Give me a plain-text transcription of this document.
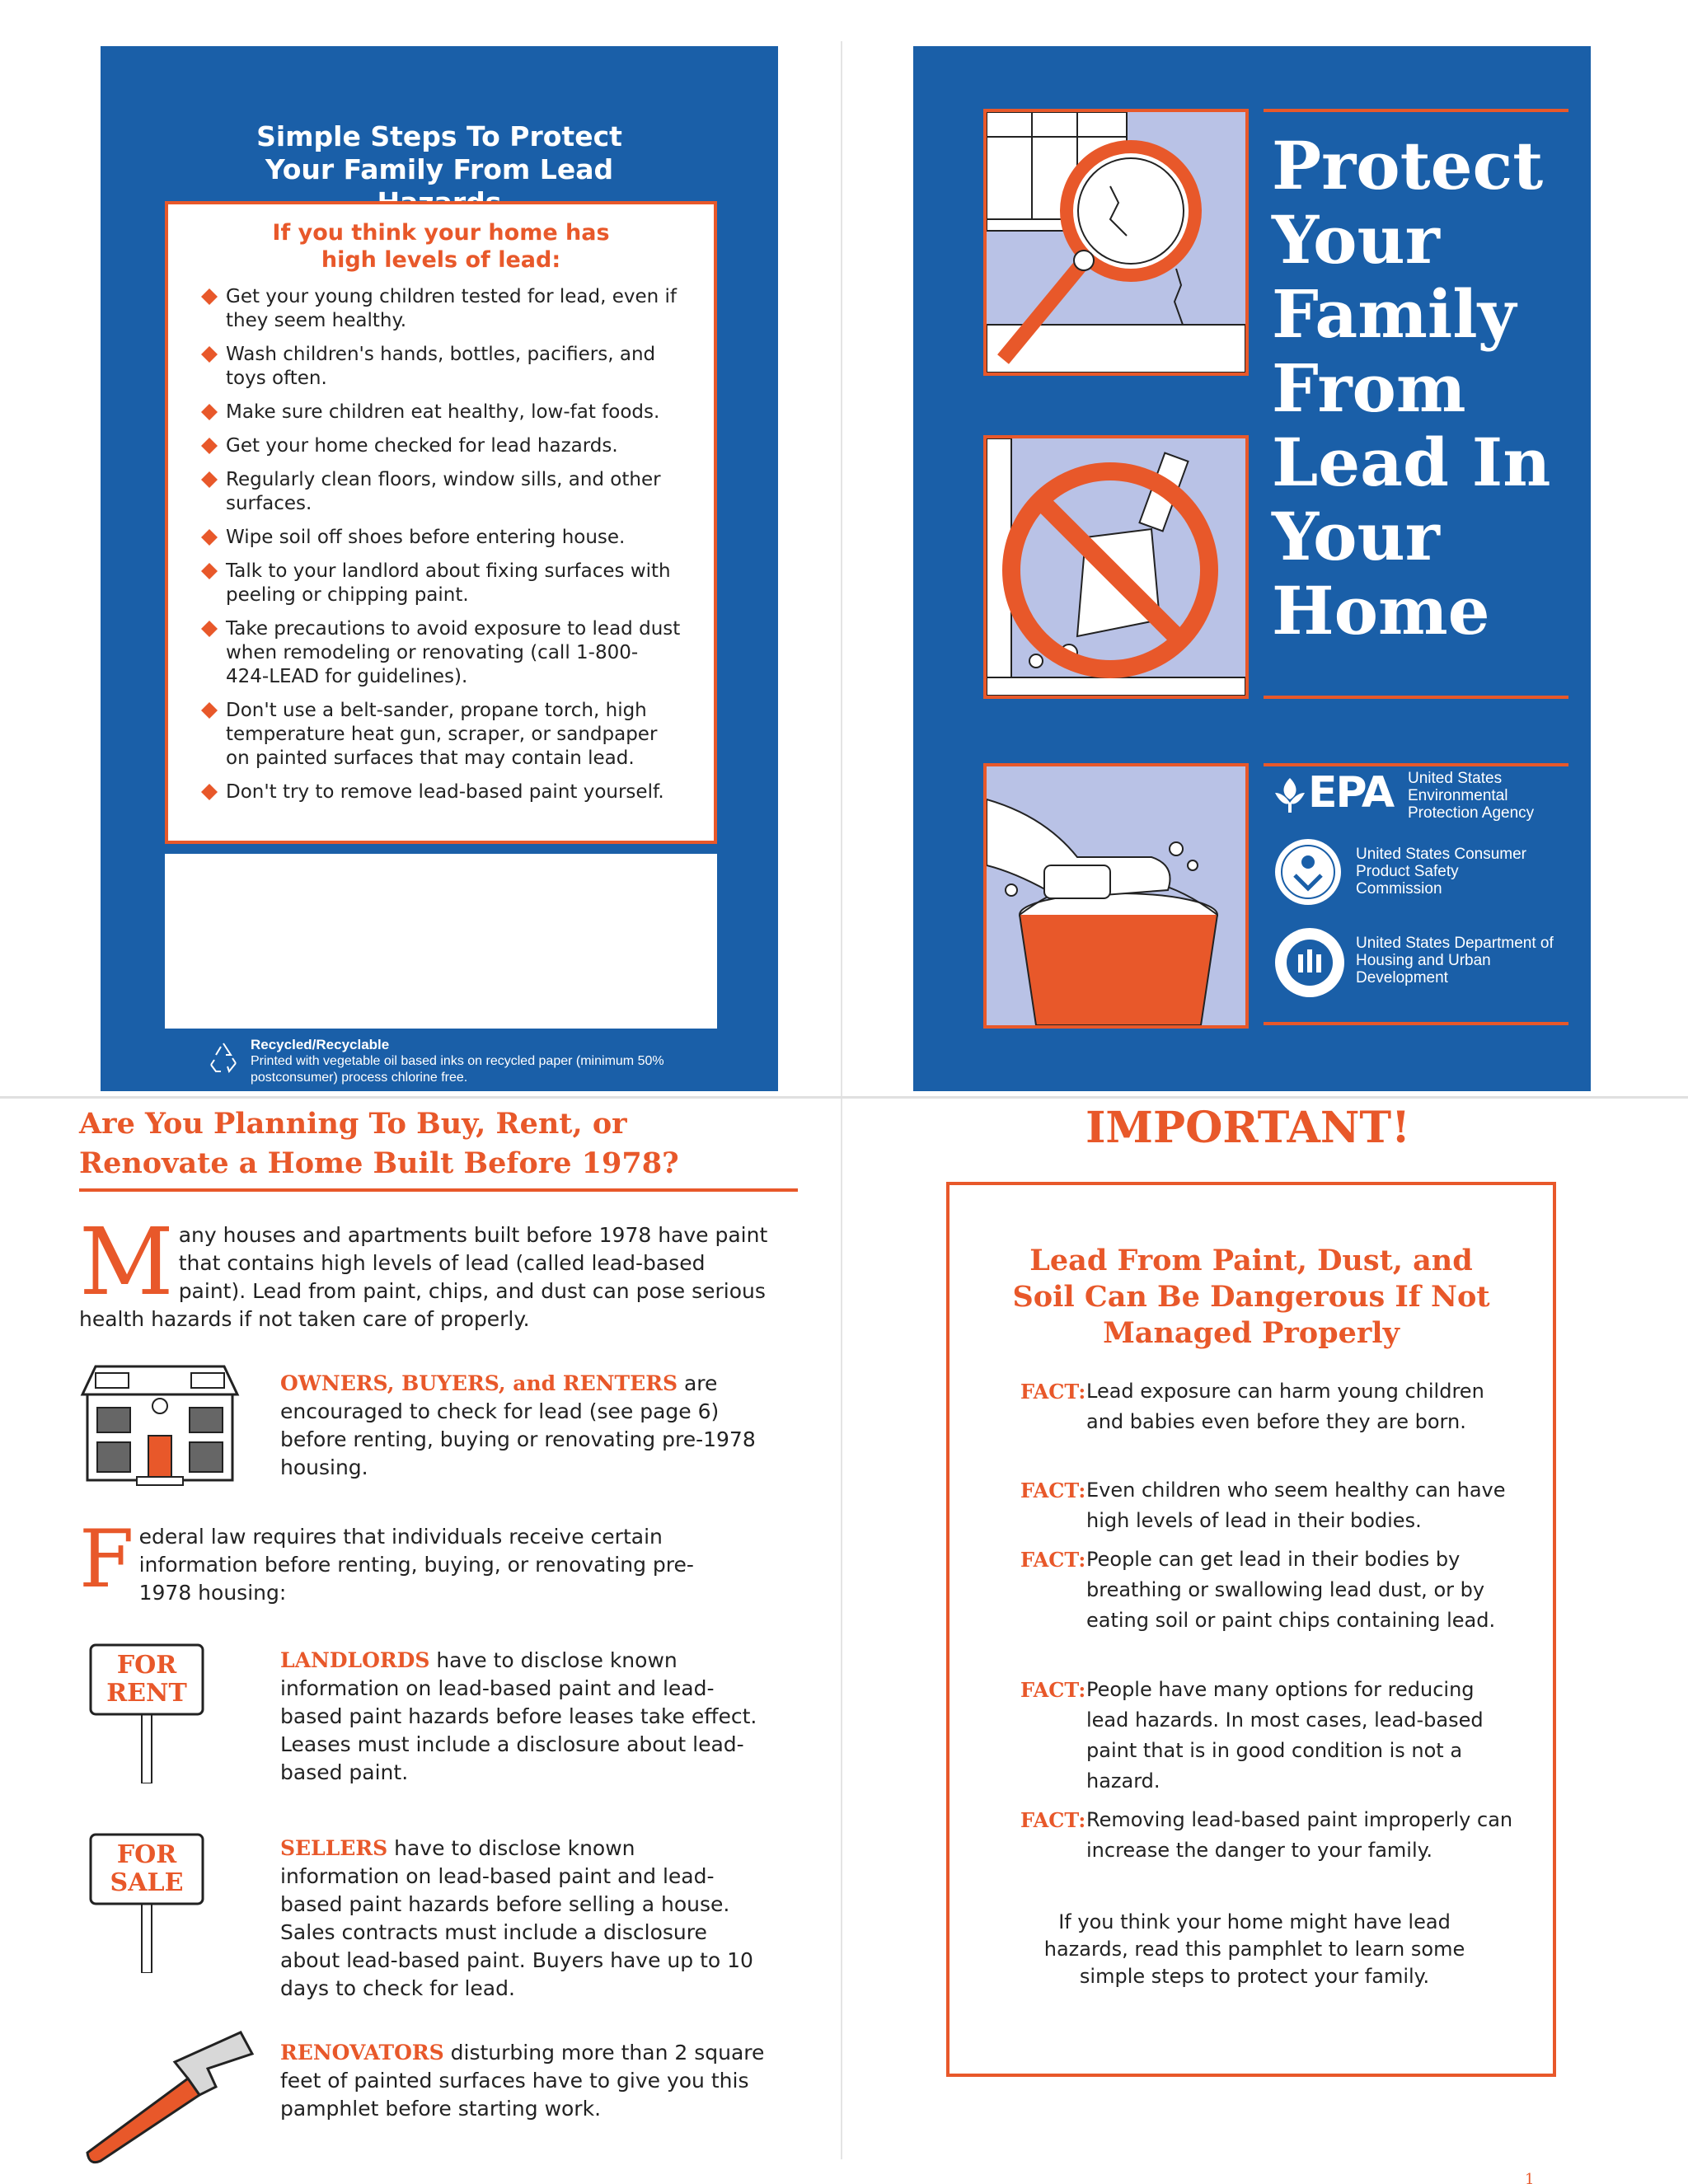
Simple Steps To Protect Your Family From Lead
If you think your home has high levels of lead:
Get your young children tested for lead, even if they seem healthy.
Wash children's hands, bottles, pacifiers, and toys often.
Make sure children eat healthy, low-fat foods.
Get your home checked for lead hazards.
Regularly clean floors, window sills, and other surfaces.
Wipe soil off shoes before entering house.
Talk to your landlord about fixing surfaces with peeling or chipping paint.
Take precautions to avoid exposure to lead dust when remodeling or renovating (call 1-800-424-LEAD for guidelines).
Don't use a belt-sander, propane torch, high temperature heat gun, scraper, or sandpaper on painted surfaces that may contain lead.
Don't try to remove lead-based paint yourself.
Recycled/Recyclable
Printed with vegetable oil based inks on recycled paper (minimum 50% postconsumer) process chlorine free.
Protect
Your
Family
From
Lead In
Your
Home
EPA United States Environmental Protection Agency
United States Consumer Product Safety Commission
United States Department of Housing and Urban Development
Are You Planning To Buy, Rent, or Renovate a Home Built Before 1978?
M any houses and apartments built before 1978 have paint that contains high levels of lead (called lead-based paint). Lead from paint, chips, and dust can pose serious health hazards if not taken care of properly.
OWNERS, BUYERS, and RENTERS are encouraged to check for lead (see page 6) before renting, buying or renovating pre-1978 housing.
F ederal law requires that individuals receive certain information before renting, buying, or renovating pre-1978 housing:
FOR
RENT
LANDLORDS have to disclose known information on lead-based paint and lead-based paint hazards before leases take effect. Leases must include a disclosure about lead-based paint.
FOR
SALE
SELLERS have to disclose known information on lead-based paint and lead-based paint hazards before selling a house. Sales contracts must include a disclosure about lead-based paint. Buyers have up to 10 days to check for lead.
RENOVATORS disturbing more than 2 square feet of painted surfaces have to give you this pamphlet before starting work.
IMPORTANT!
Lead From Paint, Dust, and Soil Can Be Dangerous If Not Managed Properly
FACT: Lead exposure can harm young children and babies even before they are born.
FACT: Even children who seem healthy can have high levels of lead in their bodies.
FACT: People can get lead in their bodies by breathing or swallowing lead dust, or by eating soil or paint chips containing lead.
FACT: People have many options for reducing lead hazards. In most cases, lead-based paint that is in good condition is not a hazard.
FACT: Removing lead-based paint improperly can increase the danger to your family.
If you think your home might have lead hazards, read this pamphlet to learn some simple steps to protect your family.
1
